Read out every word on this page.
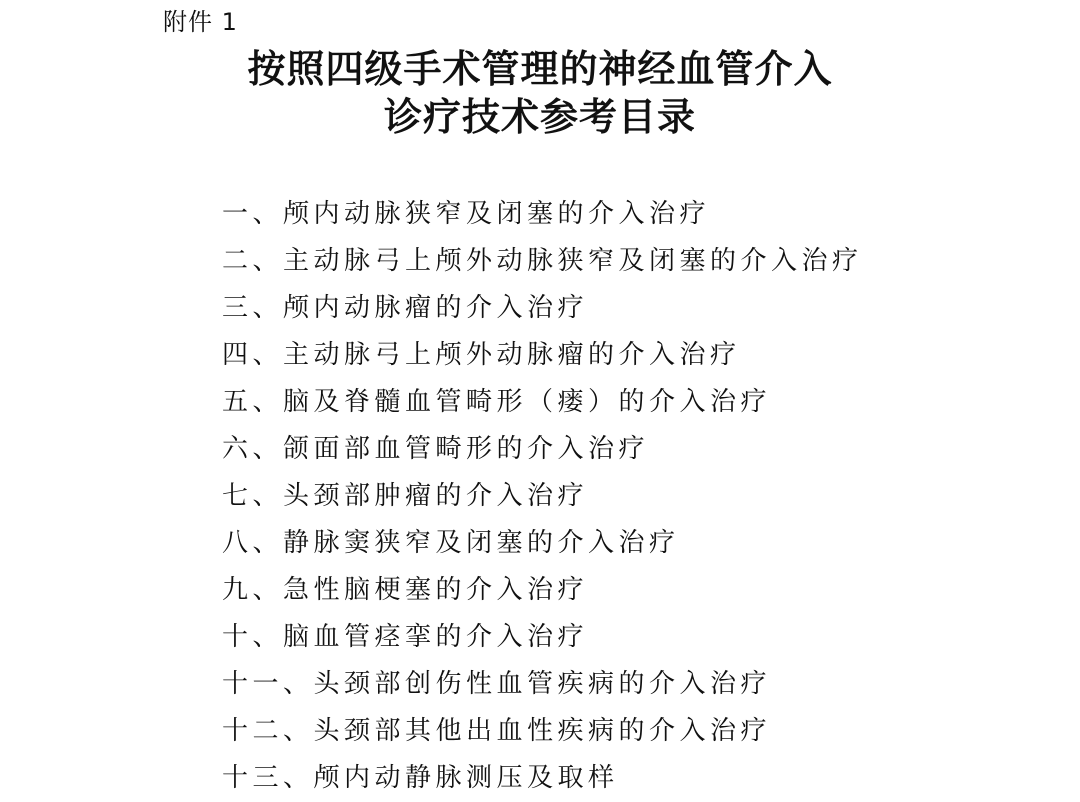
附件 1
按照四级手术管理的神经血管介入
诊疗技术参考目录
一、颅内动脉狭窄及闭塞的介入治疗
二、主动脉弓上颅外动脉狭窄及闭塞的介入治疗
三、颅内动脉瘤的介入治疗
四、主动脉弓上颅外动脉瘤的介入治疗
五、脑及脊髓血管畸形（瘘）的介入治疗
六、颌面部血管畸形的介入治疗
七、头颈部肿瘤的介入治疗
八、静脉窦狭窄及闭塞的介入治疗
九、急性脑梗塞的介入治疗
十、脑血管痉挛的介入治疗
十一、头颈部创伤性血管疾病的介入治疗
十二、头颈部其他出血性疾病的介入治疗
十三、颅内动静脉测压及取样
